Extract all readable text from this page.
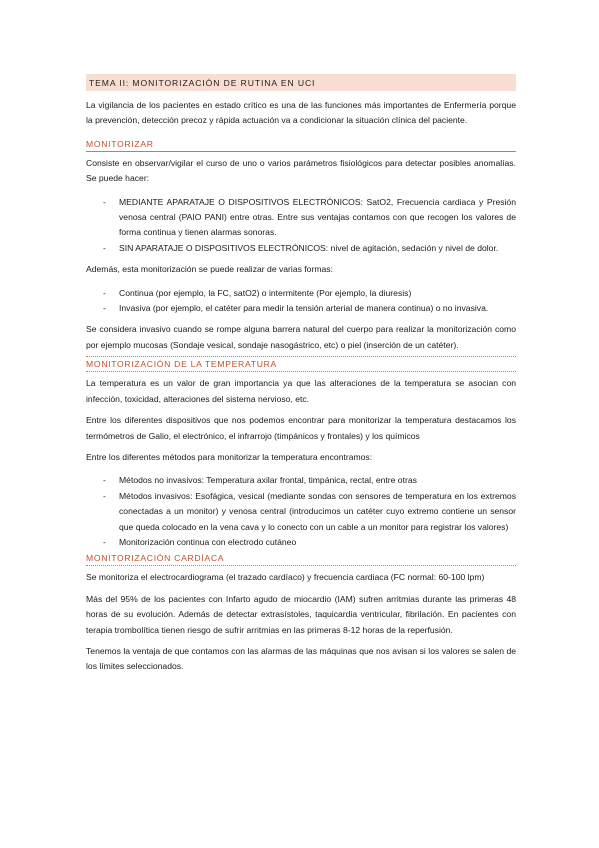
TEMA II: MONITORIZACIÓN DE RUTINA EN UCI

La vigilancia de los pacientes en estado crítico es una de las funciones más importantes de Enfermería porque la prevención, detección precoz y rápida actuación va a condicionar la situación clínica del paciente.

MONITORIZAR

Consiste en observar/vigilar el curso de uno o varios parámetros fisiológicos para detectar posibles anomalías. Se puede hacer:

- MEDIANTE APARATAJE O DISPOSITIVOS ELECTRÓNICOS: SatO2, Frecuencia cardiaca y Presión venosa central (PAIO PANI) entre otras. Entre sus ventajas contamos con que recogen los valores de forma continua y tienen alarmas sonoras.
- SIN APARATAJE O DISPOSITIVOS ELECTRÓNICOS: nivel de agitación, sedación y nivel de dolor.

Además, esta monitorización se puede realizar de varias formas:

- Continua (por ejemplo, la FC, satO2) o intermitente (Por ejemplo, la diuresis)
- Invasiva (por ejemplo, el catéter para medir la tensión arterial de manera continua) o no invasiva.

Se considera invasivo cuando se rompe alguna barrera natural del cuerpo para realizar la monitorización como por ejemplo mucosas (Sondaje vesical, sondaje nasogástrico, etc) o piel (inserción de un catéter).

MONITORIZACIÓN DE LA TEMPERATURA

La temperatura es un valor de gran importancia ya que las alteraciones de la temperatura se asocian con infección, toxicidad, alteraciones del sistema nervioso, etc.

Entre los diferentes dispositivos que nos podemos encontrar para monitorizar la temperatura destacamos los termómetros de Galio, el electrónico, el infrarrojo (timpánicos y frontales) y los químicos

Entre los diferentes métodos para monitorizar la temperatura encontramos:

- Métodos no invasivos: Temperatura axilar frontal, timpánica, rectal, entre otras
- Métodos invasivos: Esofágica, vesical (mediante sondas con sensores de temperatura en los extremos conectadas a un monitor) y venosa central (introducimos un catéter cuyo extremo contiene un sensor que queda colocado en la vena cava y lo conecto con un cable a un monitor para registrar los valores)
- Monitorización continua con electrodo cutáneo
MONITORIZACIÓN CARDÍACA

Se monitoriza el electrocardiograma (el trazado cardíaco) y frecuencia cardiaca (FC normal: 60-100 lpm)

Más del 95% de los pacientes con Infarto agudo de miocardio (IAM) sufren arritmias durante las primeras 48 horas de su evolución. Además de detectar extrasístoles, taquicardia ventricular, fibrilación. En pacientes con terapia trombolítica tienen riesgo de sufrir arritmias en las primeras 8-12 horas de la reperfusión.

Tenemos la ventaja de que contamos con las alarmas de las máquinas que nos avisan si los valores se salen de los límites seleccionados.
